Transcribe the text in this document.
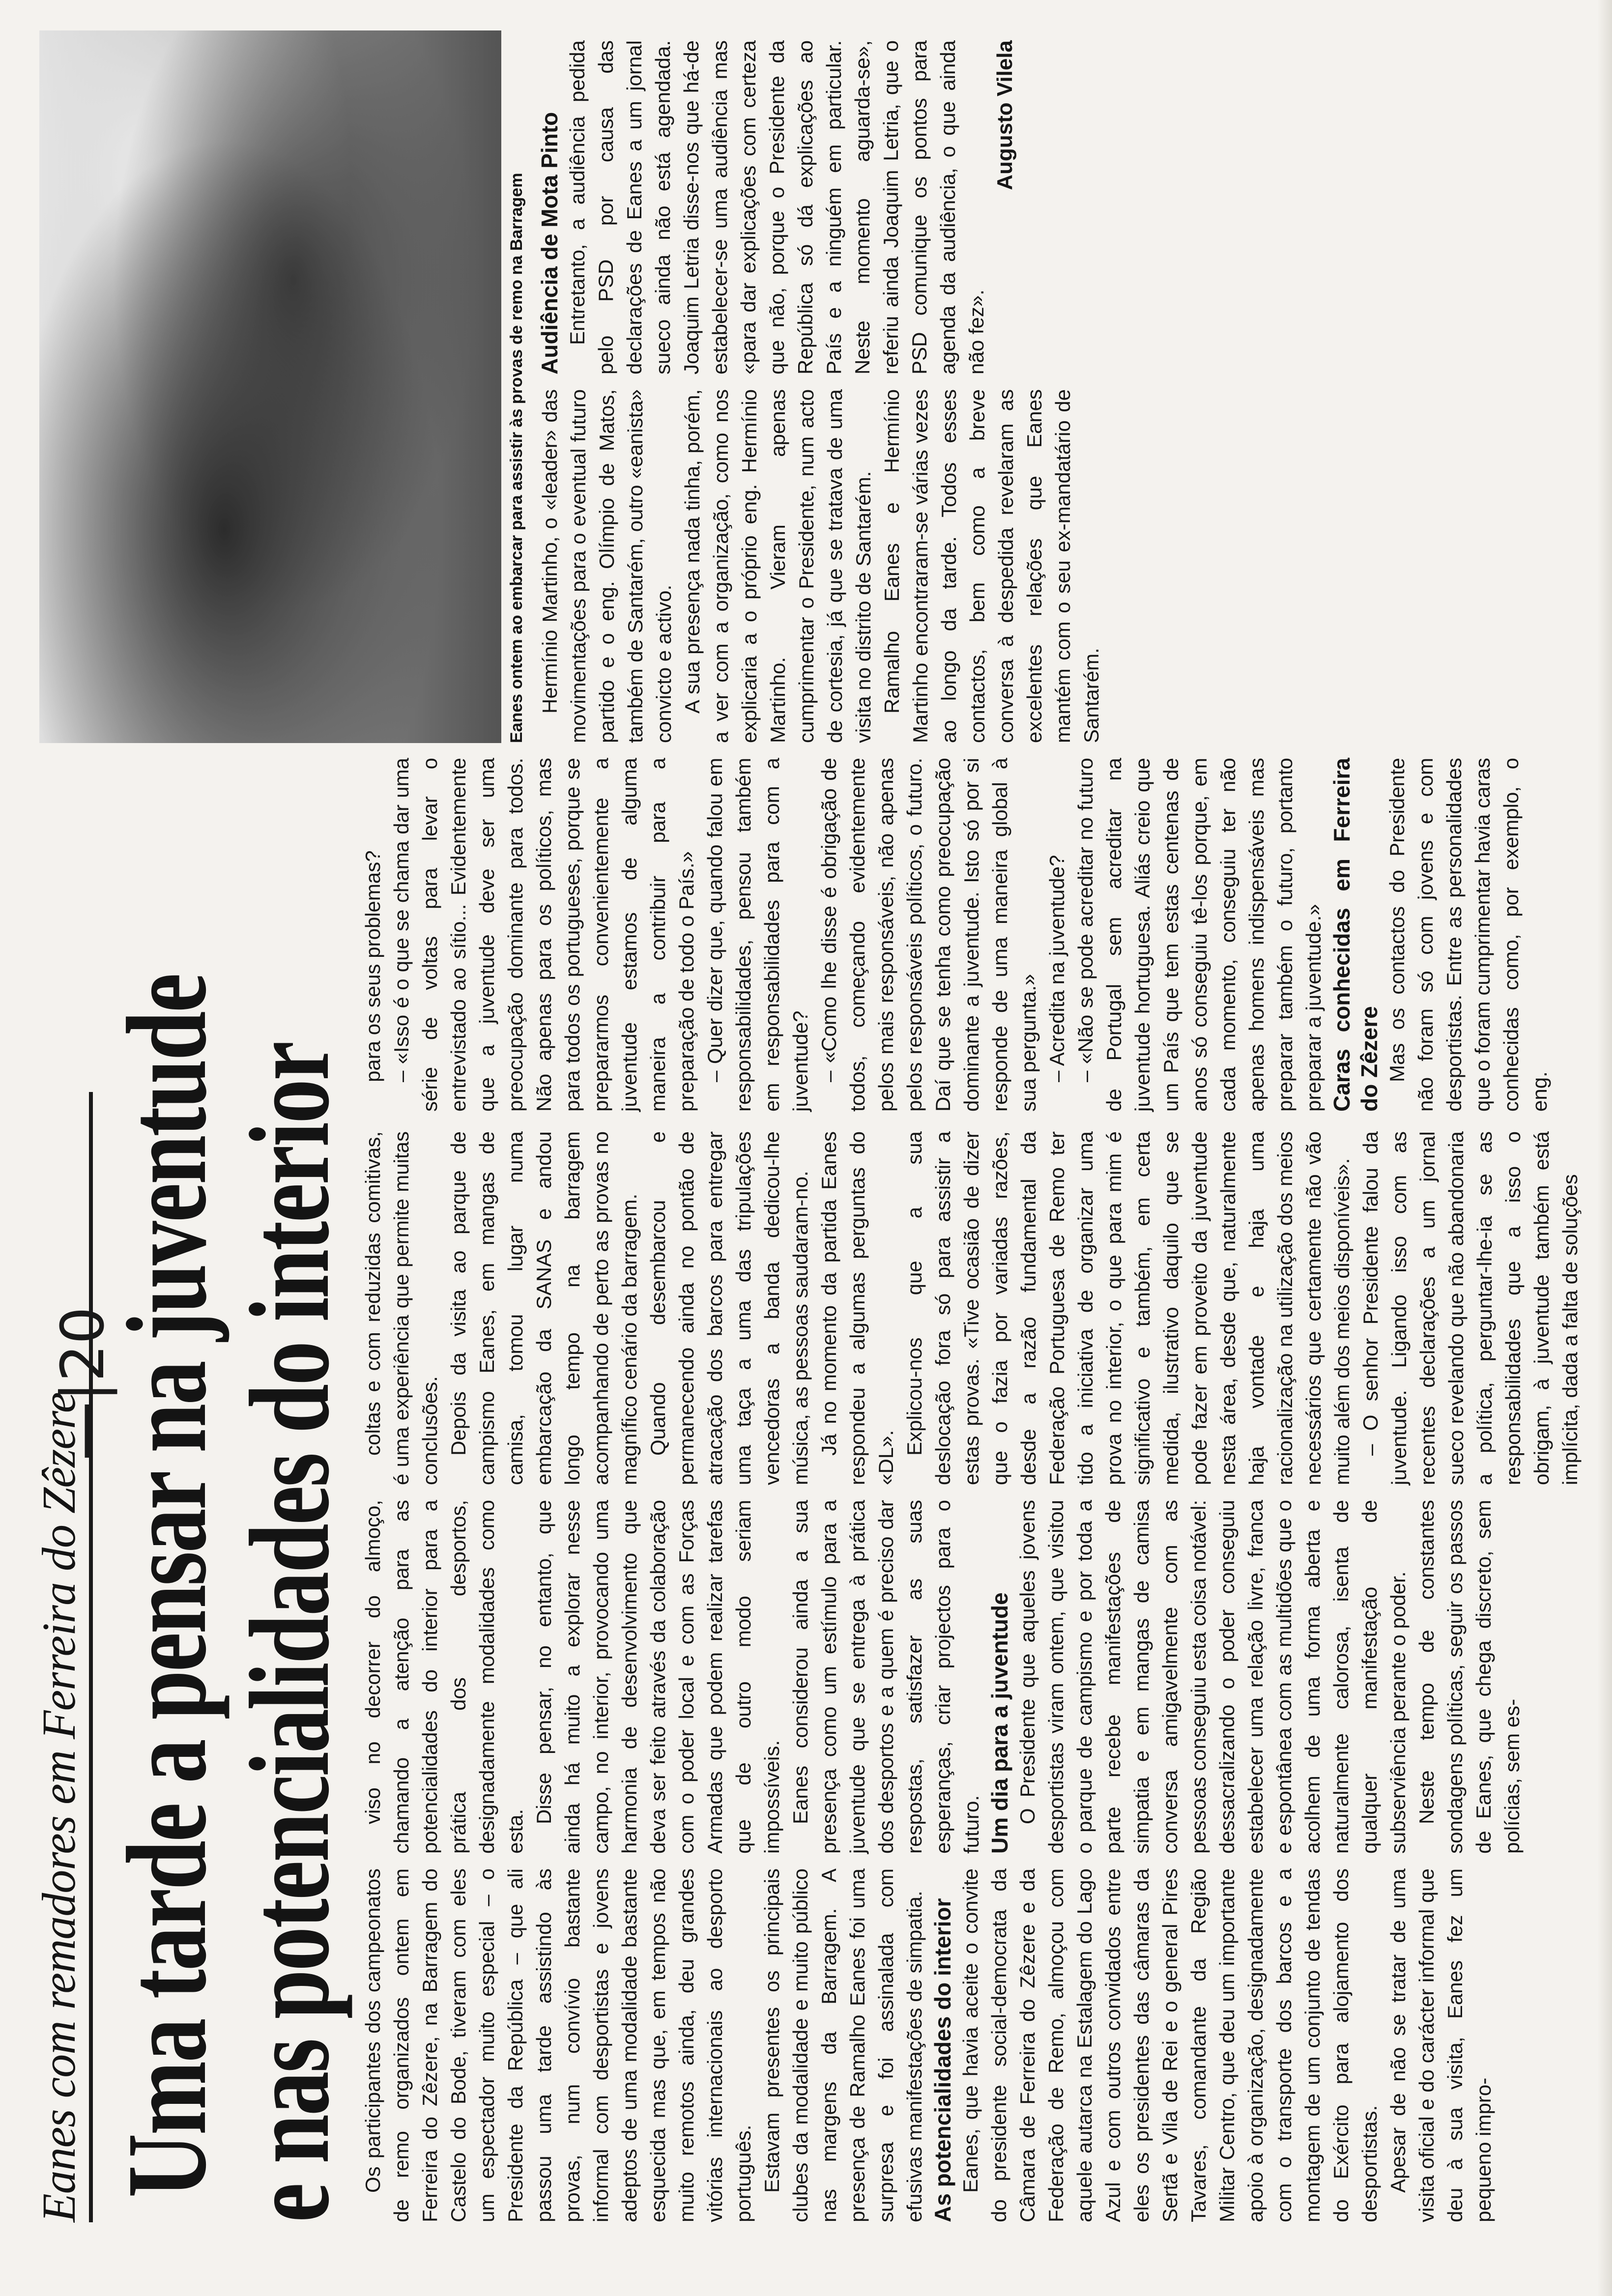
Eanes com remadores em Ferreira do Zêzere
—|20
Uma tarde a pensar na juventude
e nas potencialidades do interior Os participantes dos campeonatos de remo organizados ontem em Ferreira do Zêzere, na Barragem do Castelo do Bode, tiveram com eles um espectador muito especial – o Presidente da República – que ali passou uma tarde assistindo às provas, num convívio bastante informal com desportistas e jovens adeptos de uma modalidade bastante esquecida mas que, em tempos não muito remotos ainda, deu grandes vitórias internacionais ao desporto português. Estavam presentes os principais clubes da modalidade e muito público nas margens da Barragem. A presença de Ramalho Eanes foi uma surpresa e foi assinalada com efusivas manifestações de simpatia. As potencialidades do interior Eanes, que havia aceite o convite do presidente social-democrata da Câmara de Ferreira do Zêzere e da Federação de Remo, almoçou com aquele autarca na Estalagem do Lago Azul e com outros convidados entre eles os presidentes das câmaras da Sertã e Vila de Rei e o general Pires Tavares, comandante da Região Militar Centro, que deu um importante apoio à organização, designadamente com o transporte dos barcos e a montagem de um conjunto de tendas do Exército para alojamento dos desportistas. Apesar de não se tratar de uma visita oficial e do carácter informal que deu à sua visita, Eanes fez um pequeno impro-

viso no decorrer do almoço, chamando a atenção para as potencialidades do interior para a prática dos desportos, designadamente modalidades como esta.

Disse pensar, no entanto, que ainda há muito a explorar nesse campo, no interior, provocando uma harmonia de desenvolvimento que deva ser feito através da colaboração com o poder local e com as Forças Armadas que podem realizar tarefas que de outro modo seriam impossíveis. Eanes considerou ainda a sua presença como um estímulo para a juventude que se entrega à prática dos desportos e a quem é preciso dar respostas, satisfazer as suas esperanças, criar projectos para o futuro. Um dia para a juventude O Presidente que aqueles jovens desportistas viram ontem, que visitou o parque de campismo e por toda a parte recebe manifestações de simpatia e em mangas de camisa conversa amigavelmente com as pessoas conseguiu esta coisa notável: dessacralizando o poder conseguiu estabelecer uma relação livre, franca e espontânea com as multidões que o acolhem de uma forma aberta e naturalmente calorosa, isenta de qualquer manifestação de subserviência perante o poder. Neste tempo de constantes sondagens políticas, seguir os passos de Eanes, que chega discreto, sem polícias, sem es-

coltas e com reduzidas comitivas, é uma experiência que permite muitas conclusões. Depois da visita ao parque de campismo Eanes, em mangas de camisa, tomou lugar numa embarcação da SANAS e andou longo tempo na barragem acompanhando de perto as provas no magnífico cenário da barragem. Quando desembarcou e permanecendo ainda no pontão de atracação dos barcos para entregar uma taça a uma das tripulações vencedoras a banda dedicou-lhe música, as pessoas saudaram-no. Já no momento da partida Eanes respondeu a algumas perguntas do «DL».

Explicou-nos que a sua deslocação fora só para assistir a estas provas. «Tive ocasião de dizer que o fazia por variadas razões, desde a razão fundamental da Federação Portuguesa de Remo ter tido a iniciativa de organizar uma prova no interior, o que para mim é significativo e também, em certa medida, ilustrativo daquilo que se pode fazer em proveito da juventude nesta área, desde que, naturalmente haja vontade e haja uma racionalização na utilização dos meios necessários que certamente não vão muito além dos meios disponíveis». – O senhor Presidente falou da juventude. Ligando isso com as recentes declarações a um jornal sueco revelando que não abandonaria a política, perguntar-lhe-ia se as responsabilidades que a isso o obrigam, à juventude também está implícita, dada a falta de soluções

para os seus problemas? – «Isso é o que se chama dar uma série de voltas para levar o entrevistado ao sítio... Evidentemente que a juventude deve ser uma preocupação dominante para todos. Não apenas para os políticos, mas para todos os portugueses, porque se prepararmos convenientemente a juventude estamos de alguma maneira a contribuir para a preparação de todo o País.» – Quer dizer que, quando falou em responsabilidades, pensou também em responsabilidades para com a juventude? – «Como lhe disse é obrigação de todos, começando evidentemente pelos mais responsáveis, não apenas pelos responsáveis políticos, o futuro. Daí que se tenha como preocupação dominante a juventude. Isto só por si responde de uma maneira global à sua pergunta.» – Acredita na juventude? – «Não se pode acreditar no futuro de Portugal sem acreditar na juventude hortuguesa. Aliás creio que um País que tem estas centenas de anos só conseguiu tê-los porque, em cada momento, conseguiu ter não apenas homens indispensáveis mas preparar também o futuro, portanto preparar a juventude.» Caras conhecidas em Ferreira do Zêzere Mas os contactos do Presidente não foram só com jovens e com desportistas. Entre as personalidades que o foram cumprimentar havia caras conhecidas como, por exemplo, o eng.

Eanes ontem ao embarcar para assistir às provas de remo na Barragem Hermínio Martinho, o «leader» das movimentações para o eventual futuro partido e o eng. Olímpio de Matos, também de Santarém, outro «eanista» convicto e activo. A sua presença nada tinha, porém, a ver com a organização, como nos explicaria a o próprio eng. Hermínio Martinho. Vieram apenas cumprimentar o Presidente, num acto de cortesia, já que se tratava de uma visita no distrito de Santarém. Ramalho Eanes e Hermínio Martinho encontraram-se várias vezes ao longo da tarde. Todos esses contactos, bem como a breve conversa à despedida revelaram as excelentes relações que Eanes mantém com o seu ex-mandatário de Santarém.

Audiência de Mota Pinto Entretanto, a audiência pedida pelo PSD por causa das declarações de Eanes a um jornal sueco ainda não está agendada. Joaquim Letria disse-nos que há-de estabelecer-se uma audiência mas «para dar explicações com certeza que não, porque o Presidente da República só dá explicações ao País e a ninguém em particular. Neste momento aguarda-se», referiu ainda Joaquim Letria, que o PSD comunique os pontos para agenda da audiência, o que ainda não fez».

Augusto Vilela
